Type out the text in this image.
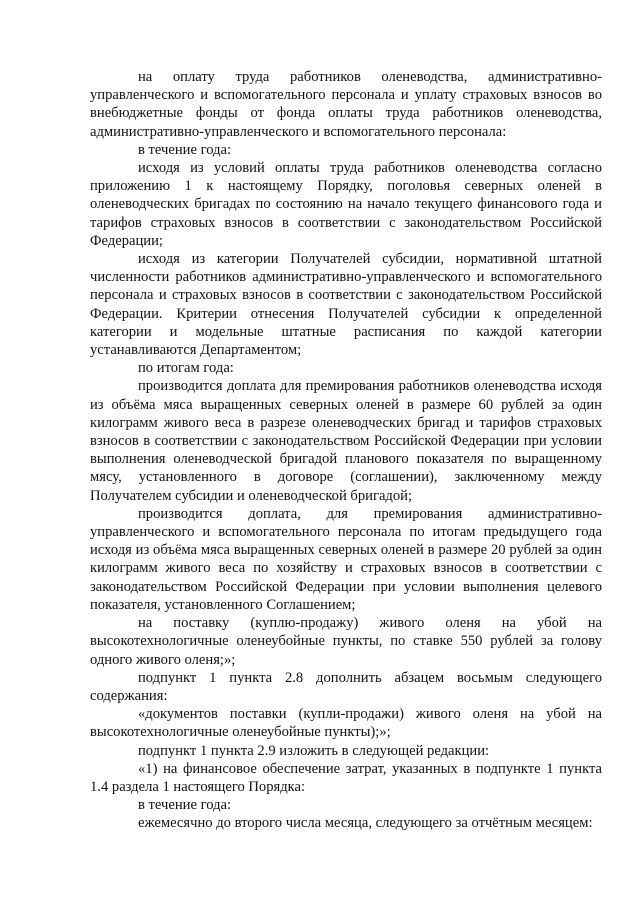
на оплату труда работников оленеводства, административно-управленческого и вспомогательного персонала и уплату страховых взносов во внебюджетные фонды от фонда оплаты труда работников оленеводства, административно-управленческого и вспомогательного персонала:

в течение года:

исходя из условий оплаты труда работников оленеводства согласно приложению 1 к настоящему Порядку, поголовья северных оленей в оленеводческих бригадах по состоянию на начало текущего финансового года и тарифов страховых взносов в соответствии с законодательством Российской Федерации;

исходя из категории Получателей субсидии, нормативной штатной численности работников административно-управленческого и вспомогательного персонала и страховых взносов в соответствии с законодательством Российской Федерации. Критерии отнесения Получателей субсидии к определенной категории и модельные штатные расписания по каждой категории устанавливаются Департаментом;

по итогам года:

производится доплата для премирования работников оленеводства исходя из объёма мяса выращенных северных оленей в размере 60 рублей за один килограмм живого веса в разрезе оленеводческих бригад и тарифов страховых взносов в соответствии с законодательством Российской Федерации при условии выполнения оленеводческой бригадой планового показателя по выращенному мясу, установленного в договоре (соглашении), заключенному между Получателем субсидии и оленеводческой бригадой;

производится доплата, для премирования административно-управленческого и вспомогательного персонала по итогам предыдущего года исходя из объёма мяса выращенных северных оленей в размере 20 рублей за один килограмм живого веса по хозяйству и страховых взносов в соответствии с законодательством Российской Федерации при условии выполнения целевого показателя, установленного Соглашением;

на поставку (куплю-продажу) живого оленя на убой на высокотехнологичные оленеубойные пункты, по ставке 550 рублей за голову одного живого оленя;»;

подпункт 1 пункта 2.8 дополнить абзацем восьмым следующего содержания:

«документов поставки (купли-продажи) живого оленя на убой на высокотехнологичные оленеубойные пункты);»;

подпункт 1 пункта 2.9 изложить в следующей редакции:

«1) на финансовое обеспечение затрат, указанных в подпункте 1 пункта 1.4 раздела 1 настоящего Порядка:

в течение года:

ежемесячно до второго числа месяца, следующего за отчётным месяцем:
